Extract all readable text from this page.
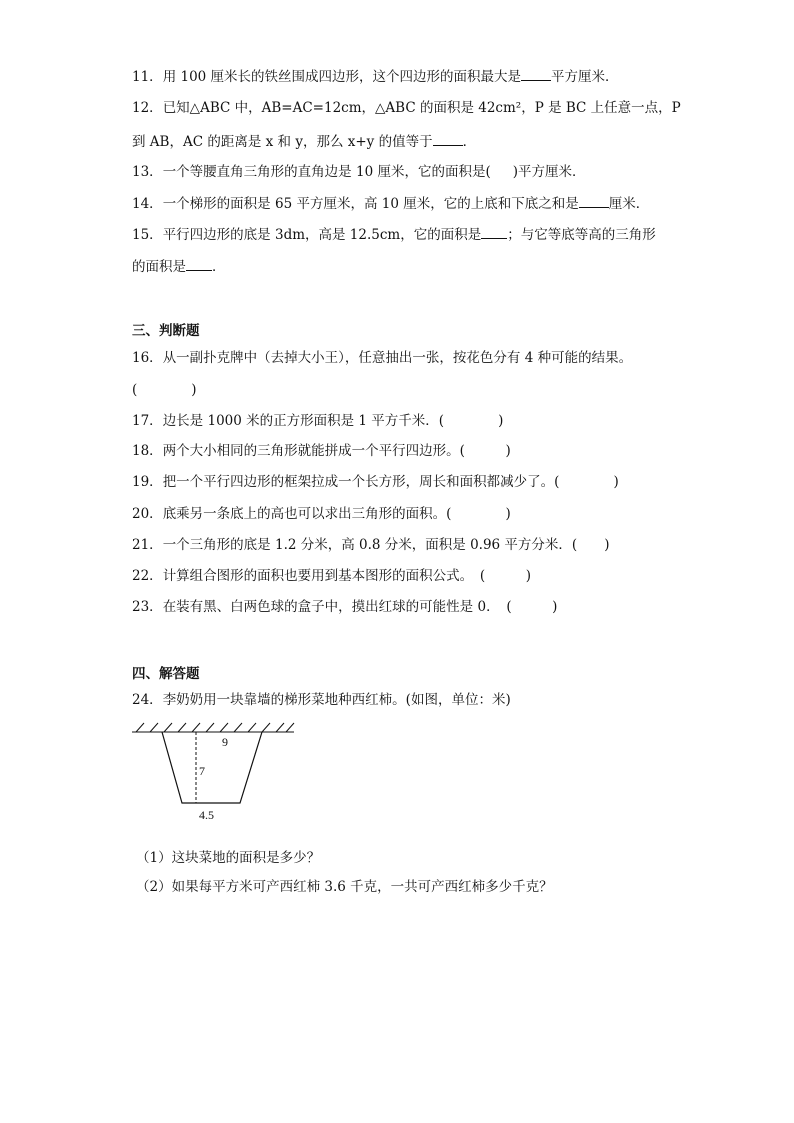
11．用 100 厘米长的铁丝围成四边形，这个四边形的面积最大是 平方厘米．
12．已知△ABC 中，AB=AC=12cm，△ABC 的面积是 42cm²，P 是 BC 上任意一点，P
到 AB，AC 的距离是 x 和 y，那么 x+y 的值等于 ．
13．一个等腰直角三角形的直角边是 10 厘米，它的面积是( )平方厘米．
14．一个梯形的面积是 65 平方厘米，高 10 厘米，它的上底和下底之和是 厘米．
15．平行四边形的底是 3dm，高是 12.5cm，它的面积是 ；与它等底等高的三角形
的面积是 ．
三、判断题
16．从一副扑克牌中（去掉大小王），任意抽出一张，按花色分有 4 种可能的结果。
(　　　　)
17．边长是 1000 米的正方形面积是 1 平方千米．(　　　　)
18．两个大小相同的三角形就能拼成一个平行四边形。(　　　)
19．把一个平行四边形的框架拉成一个长方形，周长和面积都减少了。(　　　　)
20．底乘另一条底上的高也可以求出三角形的面积。(　　　　)
21．一个三角形的底是 1.2 分米，高 0.8 分米，面积是 0.96 平方分米．(　　)
22．计算组合图形的面积也要用到基本图形的面积公式。　(　　　)
23．在装有黑、白两色球的盒子中，摸出红球的可能性是 0．　(　　　)
四、解答题
24．李奶奶用一块靠墙的梯形菜地种西红柿。(如图，单位：米)
9
7
4.5
（1）这块菜地的面积是多少？
（2）如果每平方米可产西红柿 3.6 千克，一共可产西红柿多少千克？
